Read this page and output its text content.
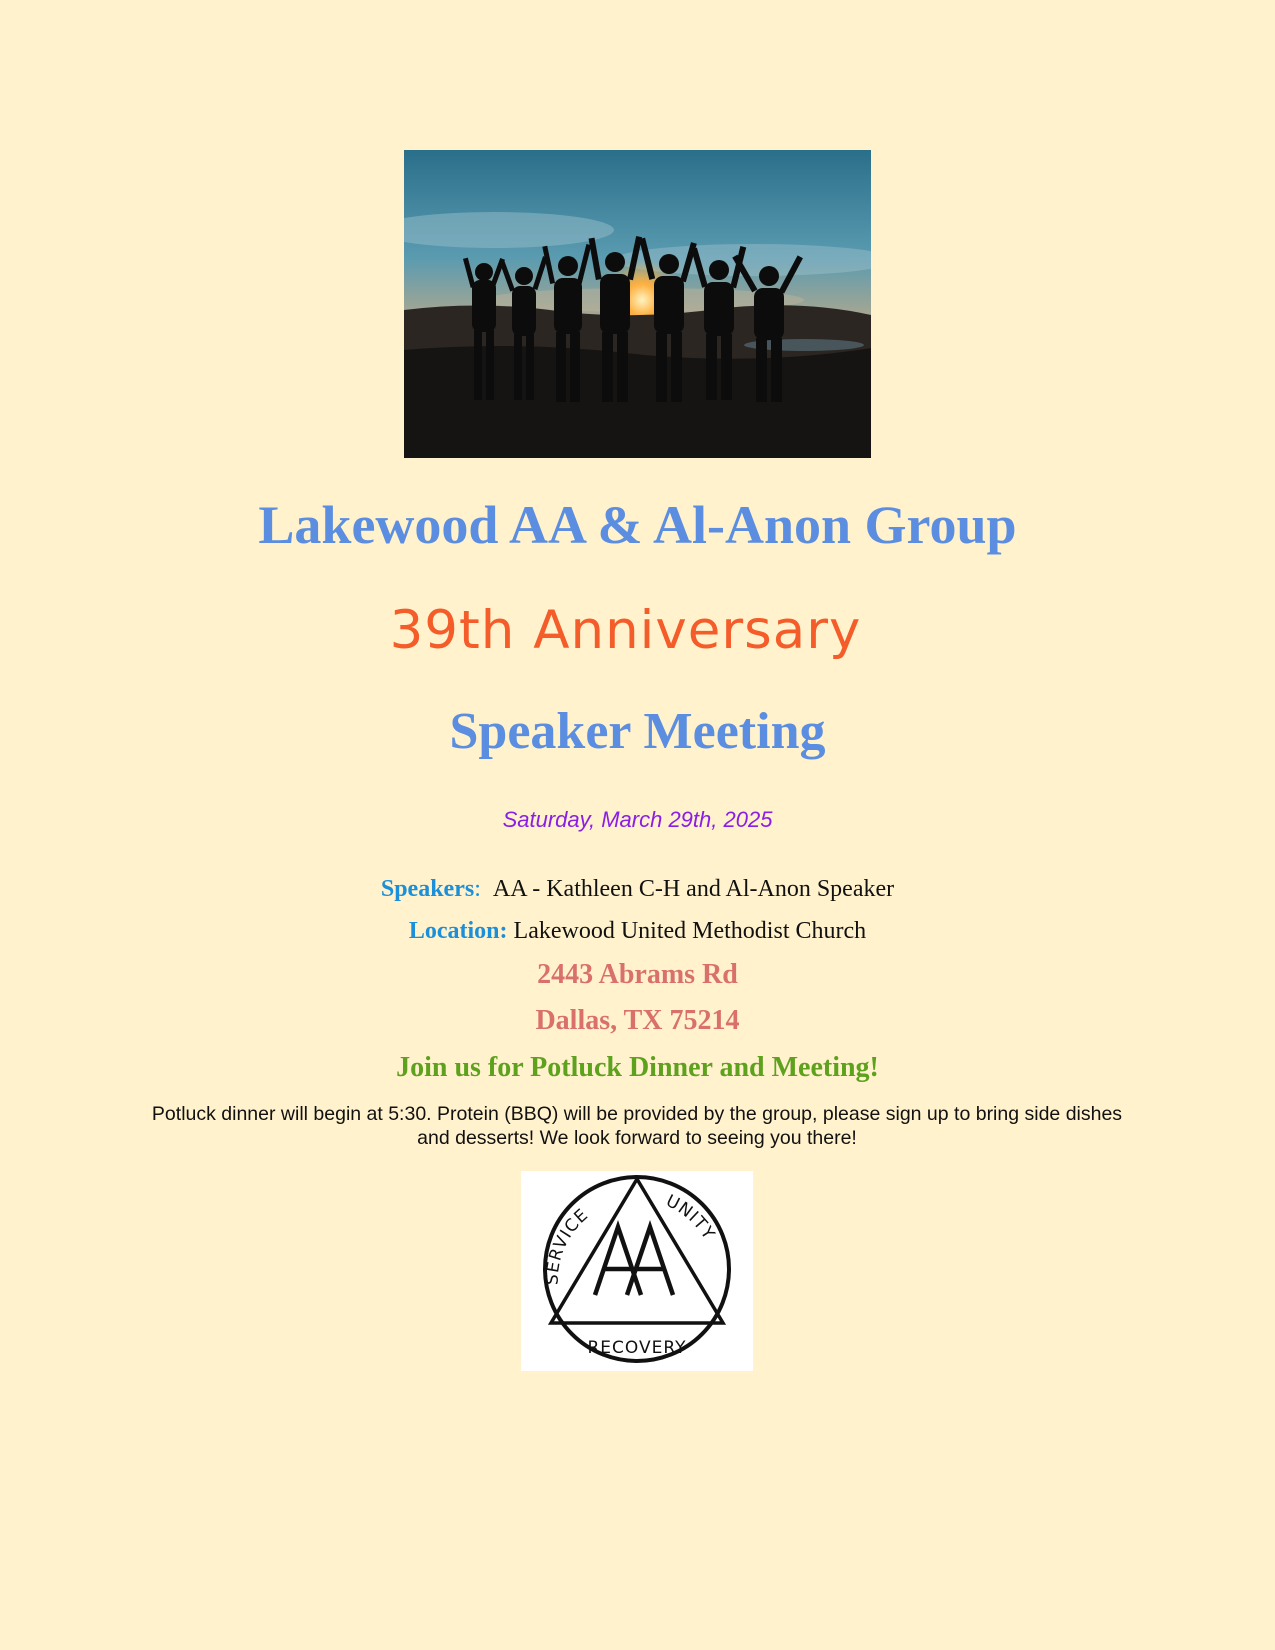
Lakewood AA & Al-Anon Group
39th Anniversary
Speaker Meeting
Saturday, March 29th, 2025
Speakers: AA - Kathleen C-H and Al-Anon Speaker
Location: Lakewood United Methodist Church
2443 Abrams Rd
Dallas, TX 75214
Join us for Potluck Dinner and Meeting!
Potluck dinner will begin at 5:30. Protein (BBQ) will be provided by the group, please sign up to bring side dishes and desserts! We look forward to seeing you there!
SERVICE
UNITY
RECOVERY
